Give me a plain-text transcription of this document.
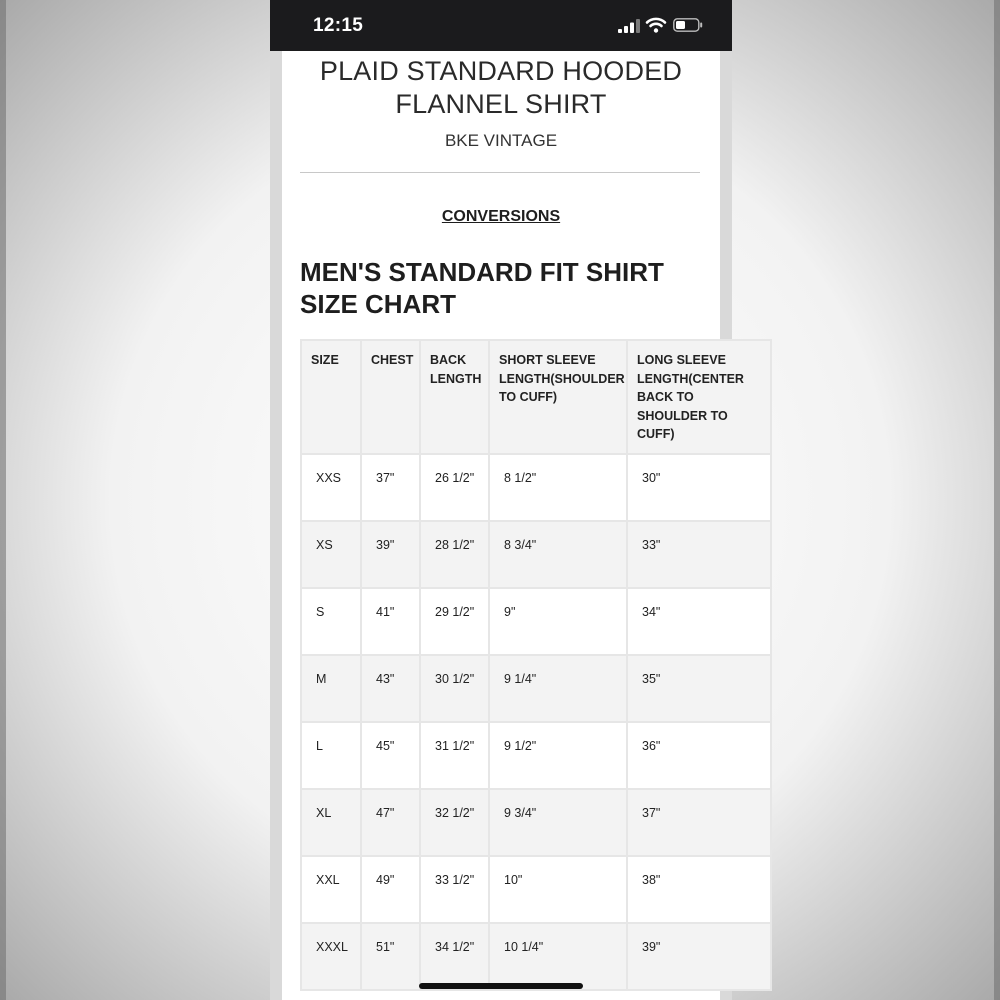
12:15
PLAID STANDARD HOODED
FLANNEL SHIRT
BKE VINTAGE
CONVERSIONS
MEN'S STANDARD FIT SHIRT
SIZE CHART
SIZE	CHEST	BACK LENGTH	SHORT SLEEVE LENGTH(SHOULDER TO CUFF)	LONG SLEEVE LENGTH(CENTER BACK TO SHOULDER TO CUFF)
XXS	37"	26 1/2"	8 1/2"	30"
XS	39"	28 1/2"	8 3/4"	33"
S	41"	29 1/2"	9"	34"
M	43"	30 1/2"	9 1/4"	35"
L	45"	31 1/2"	9 1/2"	36"
XL	47"	32 1/2"	9 3/4"	37"
XXL	49"	33 1/2"	10"	38"
XXXL	51"	34 1/2"	10 1/4"	39"
